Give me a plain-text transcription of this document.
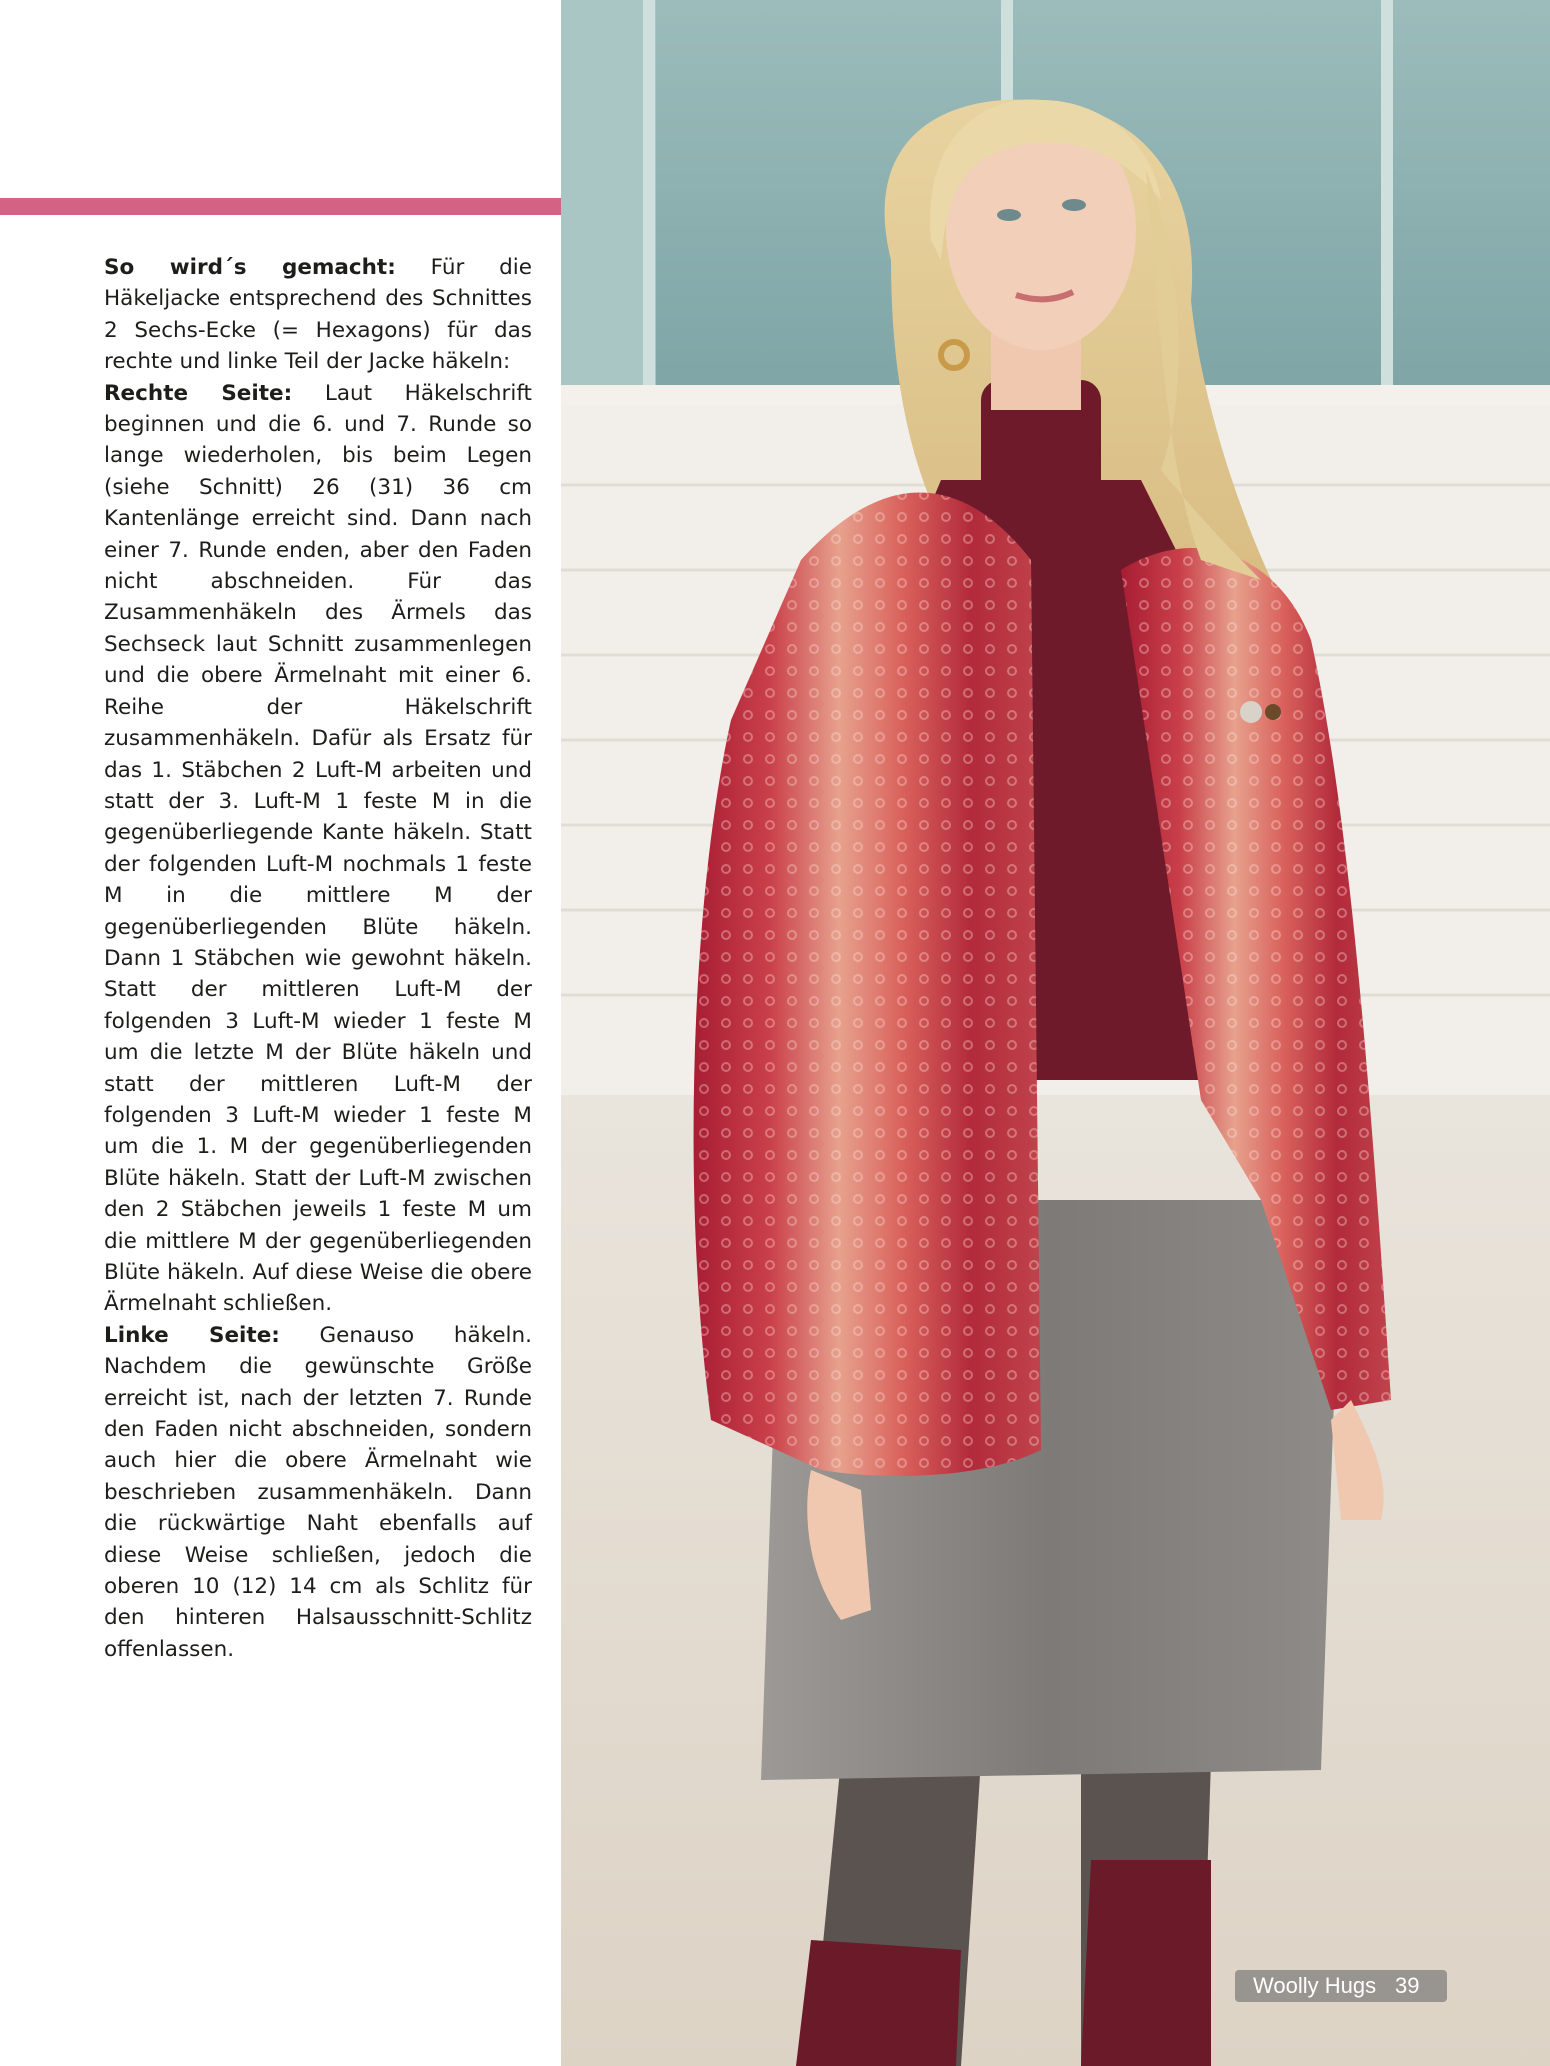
So wird´s gemacht: Für die Häkeljacke entsprechend des Schnittes 2 Sechs-Ecke (= Hexagons) für das rechte und linke Teil der Jacke häkeln:

Rechte Seite: Laut Häkelschrift beginnen und die 6. und 7. Runde so lange wiederholen, bis beim Legen (siehe Schnitt) 26 (31) 36 cm Kantenlänge erreicht sind. Dann nach einer 7. Runde enden, aber den Faden nicht abschneiden. Für das Zusammenhäkeln des Ärmels das Sechseck laut Schnitt zusammenlegen und die obere Ärmelnaht mit einer 6. Reihe der Häkelschrift zusammenhäkeln. Dafür als Ersatz für das 1. Stäbchen 2 Luft-M arbeiten und statt der 3. Luft-M 1 feste M in die gegenüberliegende Kante häkeln. Statt der folgenden Luft-M nochmals 1 feste M in die mittlere M der gegenüberliegenden Blüte häkeln. Dann 1 Stäbchen wie gewohnt häkeln. Statt der mittleren Luft-M der folgenden 3 Luft-M wieder 1 feste M um die letzte M der Blüte häkeln und statt der mittleren Luft-M der folgenden 3 Luft-M wieder 1 feste M um die 1. M der gegenüberliegenden Blüte häkeln. Statt der Luft-M zwischen den 2 Stäbchen jeweils 1 feste M um die mittlere M der gegenüberliegenden Blüte häkeln. Auf diese Weise die obere Ärmelnaht schließen.

Linke Seite: Genauso häkeln. Nachdem die gewünschte Größe erreicht ist, nach der letzten 7. Runde den Faden nicht abschneiden, sondern auch hier die obere Ärmelnaht wie beschrieben zusammenhäkeln. Dann die rückwärtige Naht ebenfalls auf diese Weise schließen, jedoch die oberen 10 (12) 14 cm als Schlitz für den hinteren Halsausschnitt-Schlitz offenlassen.

Woolly Hugs 39
